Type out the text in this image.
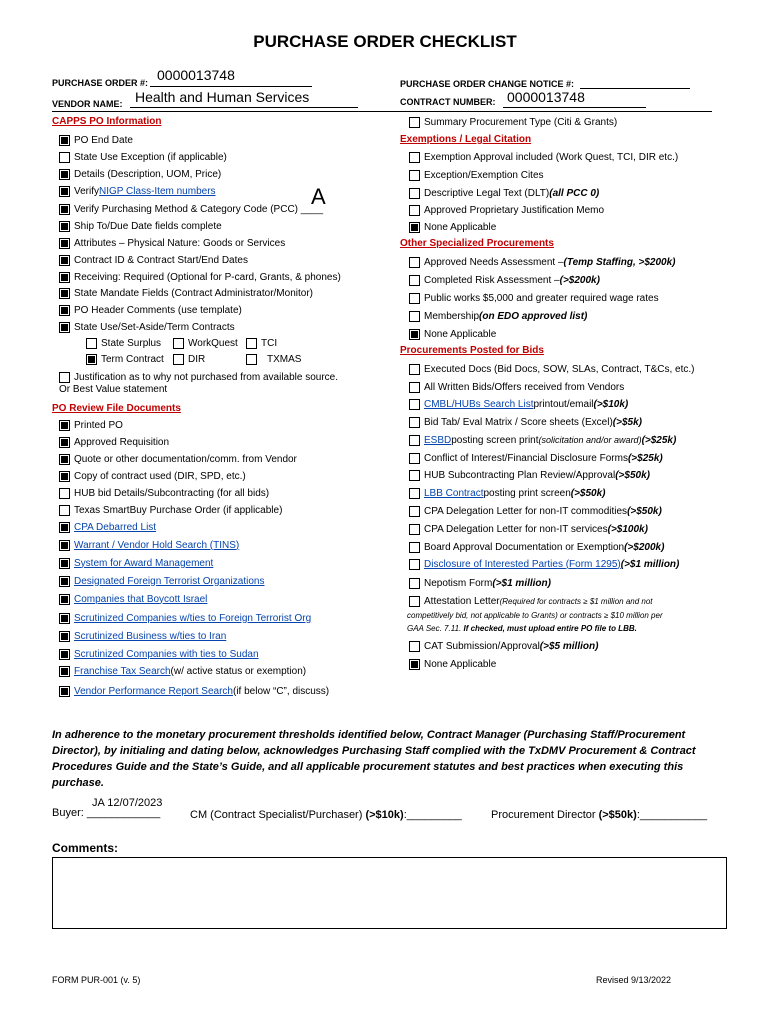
PURCHASE ORDER CHECKLIST
PURCHASE ORDER #: 0000013748
VENDOR NAME: Health and Human Services
PURCHASE ORDER CHANGE NOTICE #:
CONTRACT NUMBER: 0000013748
CAPPS PO Information
PO End Date
State Use Exception (if applicable)
Details (Description, UOM, Price)
Verify NIGP Class-Item numbers
Verify Purchasing Method & Category Code (PCC) ____
A
Ship To/Due Date fields complete
Attributes – Physical Nature: Goods or Services
Contract ID & Contract Start/End Dates
Receiving: Required (Optional for P-card, Grants, & phones)
State Mandate Fields (Contract Administrator/Monitor)
PO Header Comments (use template)
State Use/Set-Aside/Term Contracts
State Surplus	WorkQuest TCI
Term Contract DIR	TXMAS
Justification as to why not purchased from available source.
Or Best Value statement
PO Review File Documents
Printed PO
Approved Requisition
Quote or other documentation/comm. from Vendor
Copy of contract used (DIR, SPD, etc.)
HUB bid Details/Subcontracting (for all bids)
Texas SmartBuy Purchase Order (if applicable)
CPA Debarred List
Warrant / Vendor Hold Search (TINS)
System for Award Management
Designated Foreign Terrorist Organizations
Companies that Boycott Israel
Scrutinized Companies w/ties to Foreign Terrorist Org
Scrutinized Business w/ties to Iran
Scrutinized Companies with ties to Sudan
Franchise Tax Search (w/ active status or exemption)
Vendor Performance Report Search (if below “C”, discuss)
Summary Procurement Type (Citi & Grants)
Exemptions / Legal Citation
Exemption Approval included (Work Quest, TCI, DIR etc.)
Exception/Exemption Cites
Descriptive Legal Text (DLT) (all PCC 0)
Approved Proprietary Justification Memo
None Applicable
Other Specialized Procurements
Approved Needs Assessment – (Temp Staffing, >$200k)
Completed Risk Assessment – (>$200k)
Public works $5,000 and greater required wage rates
Membership (on EDO approved list)
None Applicable
Procurements Posted for Bids
Executed Docs (Bid Docs, SOW, SLAs, Contract, T&Cs, etc.)
All Written Bids/Offers received from Vendors
CMBL/HUBs Search List printout/email (>$10k)
Bid Tab/ Eval Matrix / Score sheets (Excel) (>$5k)
ESBD posting screen print (solicitation and/or award) (>$25k)
Conflict of Interest/Financial Disclosure Forms (>$25k)
HUB Subcontracting Plan Review/Approval (>$50k)
LBB Contract posting print screen (>$50k)
CPA Delegation Letter for non-IT commodities (>$50k)
CPA Delegation Letter for non-IT services (>$100k)
Board Approval Documentation or Exemption (>$200k)
Disclosure of Interested Parties (Form 1295) (>$1 million)
Nepotism Form (>$1 million)
Attestation Letter (Required for contracts ≥ $1 million and not
competitively bid, not applicable to Grants) or contracts ≥ $10 million per
GAA Sec. 7.11. If checked, must upload entire PO file to LBB.
CAT Submission/Approval (>$5 million)
None Applicable
In adherence to the monetary procurement thresholds identified below, Contract Manager (Purchasing Staff/Procurement Director), by initialing and dating below, acknowledges Purchasing Staff complied with the TxDMV Procurement & Contract Procedures Guide and the State’s Guide, and all applicable procurement statutes and best practices when executing this purchase.
JA 12/07/2023
Buyer: ____________	CM (Contract Specialist/Purchaser) (>$10k):_________	Procurement Director (>$50k):___________
Comments:
FORM PUR-001 (v. 5)	Revised 9/13/2022
